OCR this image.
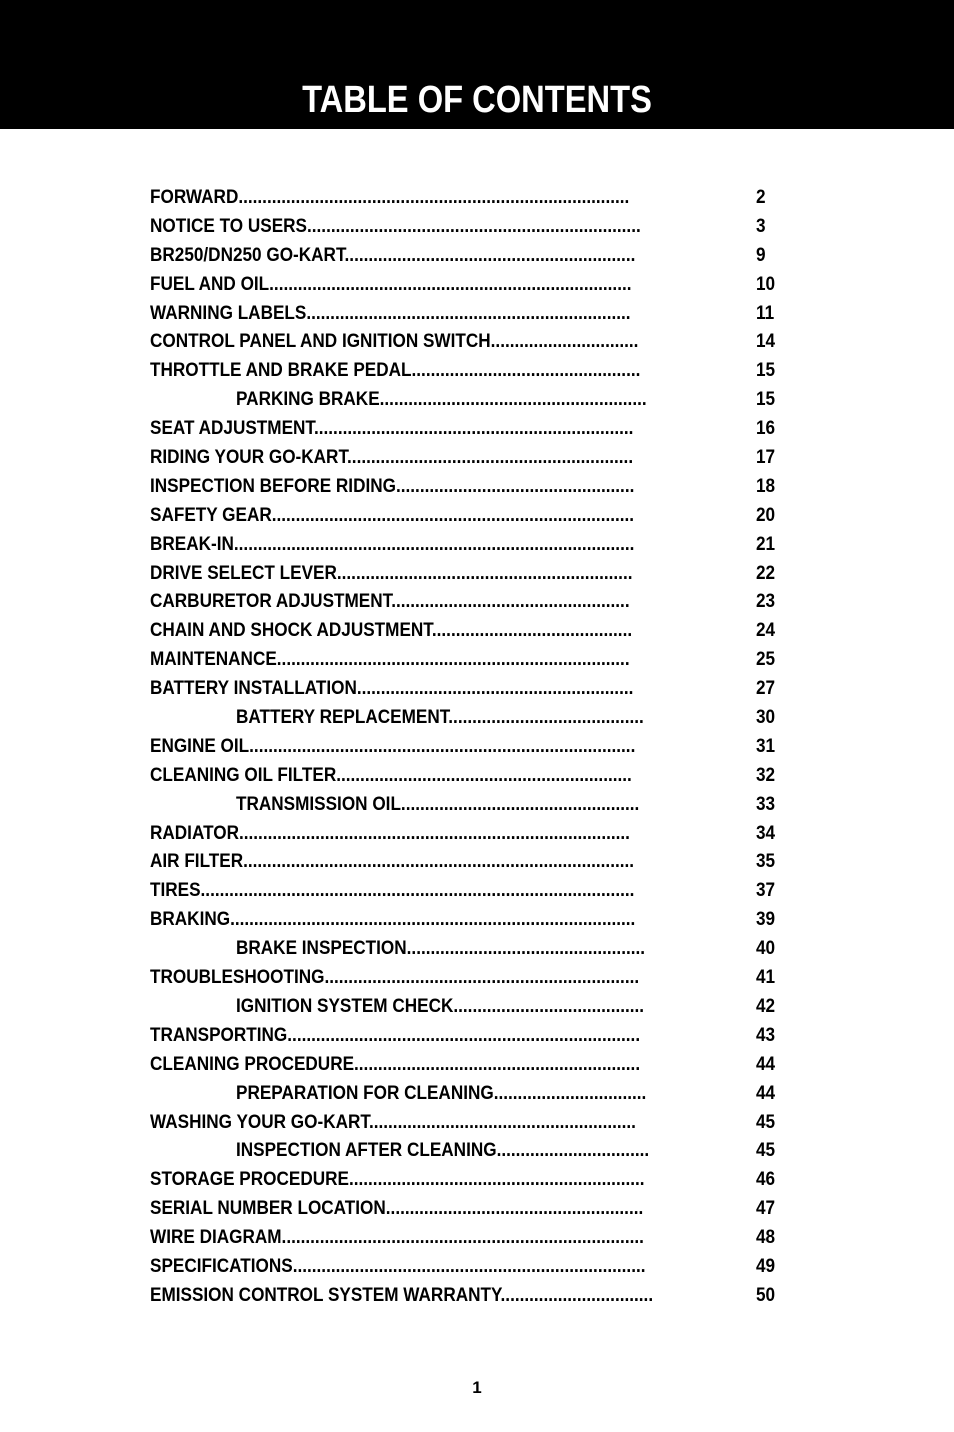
TABLE OF CONTENTS
FORWARD..................................................................................	2
NOTICE TO USERS......................................................................	3
BR250/DN250 GO-KART.............................................................	9
FUEL AND OIL............................................................................	10
WARNING LABELS....................................................................	11
CONTROL PANEL AND IGNITION SWITCH...............................	14
THROTTLE AND BRAKE PEDAL................................................	15
PARKING BRAKE........................................................	15
SEAT ADJUSTMENT...................................................................	16
RIDING YOUR GO-KART............................................................	17
INSPECTION BEFORE RIDING..................................................	18
SAFETY GEAR............................................................................	20
BREAK-IN....................................................................................	21
DRIVE SELECT LEVER..............................................................	22
CARBURETOR ADJUSTMENT..................................................	23
CHAIN AND SHOCK ADJUSTMENT..........................................	24
MAINTENANCE..........................................................................	25
BATTERY INSTALLATION..........................................................	27
BATTERY REPLACEMENT.........................................	30
ENGINE OIL.................................................................................	31
CLEANING OIL FILTER..............................................................	32
TRANSMISSION OIL..................................................	33
RADIATOR..................................................................................	34
AIR FILTER..................................................................................	35
TIRES...........................................................................................	37
BRAKING.....................................................................................	39
BRAKE INSPECTION..................................................	40
TROUBLESHOOTING..................................................................	41
IGNITION SYSTEM CHECK........................................	42
TRANSPORTING..........................................................................	43
CLEANING PROCEDURE............................................................	44
PREPARATION FOR CLEANING................................	44
WASHING YOUR GO-KART........................................................	45
INSPECTION AFTER CLEANING................................	45
STORAGE PROCEDURE..............................................................	46
SERIAL NUMBER LOCATION......................................................	47
WIRE DIAGRAM............................................................................	48
SPECIFICATIONS..........................................................................	49
EMISSION CONTROL SYSTEM WARRANTY................................	50
1
